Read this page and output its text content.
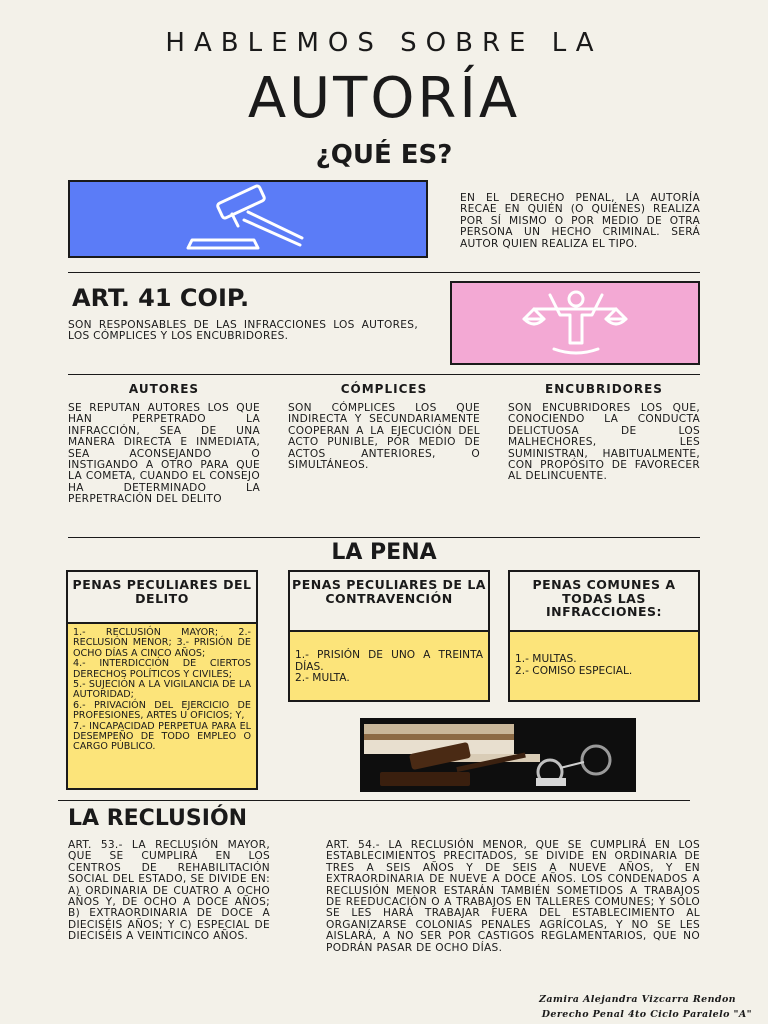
HABLEMOS SOBRE LA
AUTORÍA
¿QUÉ ES?
EN EL DERECHO PENAL, LA AUTORÍA RECAE EN QUIÉN (O QUIÉNES) REALIZA POR SÍ MISMO O POR MEDIO DE OTRA PERSONA UN HECHO CRIMINAL. SERÁ AUTOR QUIEN REALIZA EL TIPO.
ART. 41 COIP.
SON RESPONSABLES DE LAS INFRACCIONES LOS AUTORES, LOS CÓMPLICES Y LOS ENCUBRIDORES.
AUTORES
SE REPUTAN AUTORES LOS QUE HAN PERPETRADO LA INFRACCIÓN, SEA DE UNA MANERA DIRECTA E INMEDIATA, SEA ACONSEJANDO O INSTIGANDO A OTRO PARA QUE LA COMETA, CUANDO EL CONSEJO HA DETERMINADO LA PERPETRACIÓN DEL DELITO
CÓMPLICES
SON CÓMPLICES LOS QUE INDIRECTA Y SECUNDARIAMENTE COOPERAN A LA EJECUCIÓN DEL ACTO PUNIBLE, POR MEDIO DE ACTOS ANTERIORES, O SIMULTÁNEOS.
ENCUBRIDORES
SON ENCUBRIDORES LOS QUE, CONOCIENDO LA CONDUCTA DELICTUOSA DE LOS MALHECHORES, LES SUMINISTRAN, HABITUALMENTE, CON PROPÓSITO DE FAVORECER AL DELINCUENTE.
LA PENA
PENAS PECULIARES DEL DELITO
1.- RECLUSIÓN MAYOR; 2.- RECLUSIÓN MENOR; 3.- PRISIÓN DE OCHO DÍAS A CINCO AÑOS;
4.- INTERDICCIÓN DE CIERTOS DERECHOS POLÍTICOS Y CIVILES;
5.- SUJECIÓN A LA VIGILANCIA DE LA AUTORIDAD;
6.- PRIVACIÓN DEL EJERCICIO DE PROFESIONES, ARTES U OFICIOS; Y,
7.- INCAPACIDAD PERPETUA PARA EL DESEMPEÑO DE TODO EMPLEO O CARGO PÚBLICO.
PENAS PECULIARES DE LA CONTRAVENCIÓN
1.- PRISIÓN DE UNO A TREINTA DÍAS.
2.- MULTA.
PENAS COMUNES A TODAS LAS INFRACCIONES:
1.- MULTAS.
2.- COMISO ESPECIAL.
LA RECLUSIÓN
ART. 53.- LA RECLUSIÓN MAYOR, QUE SE CUMPLIRÁ EN LOS CENTROS DE REHABILITACIÓN SOCIAL DEL ESTADO, SE DIVIDE EN: A) ORDINARIA DE CUATRO A OCHO AÑOS Y, DE OCHO A DOCE AÑOS; B) EXTRAORDINARIA DE DOCE A DIECISÉIS AÑOS; Y C) ESPECIAL DE DIECISÉIS A VEINTICINCO AÑOS.
ART. 54.- LA RECLUSIÓN MENOR, QUE SE CUMPLIRÁ EN LOS ESTABLECIMIENTOS PRECITADOS, SE DIVIDE EN ORDINARIA DE TRES A SEIS AÑOS Y DE SEIS A NUEVE AÑOS, Y EN EXTRAORDINARIA DE NUEVE A DOCE AÑOS. LOS CONDENADOS A RECLUSIÓN MENOR ESTARÁN TAMBIÉN SOMETIDOS A TRABAJOS DE REEDUCACIÓN O A TRABAJOS EN TALLERES COMUNES; Y SOLO SE LES HARÁ TRABAJAR FUERA DEL ESTABLECIMIENTO AL ORGANIZARSE COLONIAS PENALES AGRÍCOLAS, Y NO SE LES AISLARÁ, A NO SER POR CASTIGOS REGLAMENTARIOS, QUE NO PODRÁN PASAR DE OCHO DÍAS.
Zamira Alejandra Vizcarra Rendon
Derecho Penal 4to Ciclo Paralelo "A"
